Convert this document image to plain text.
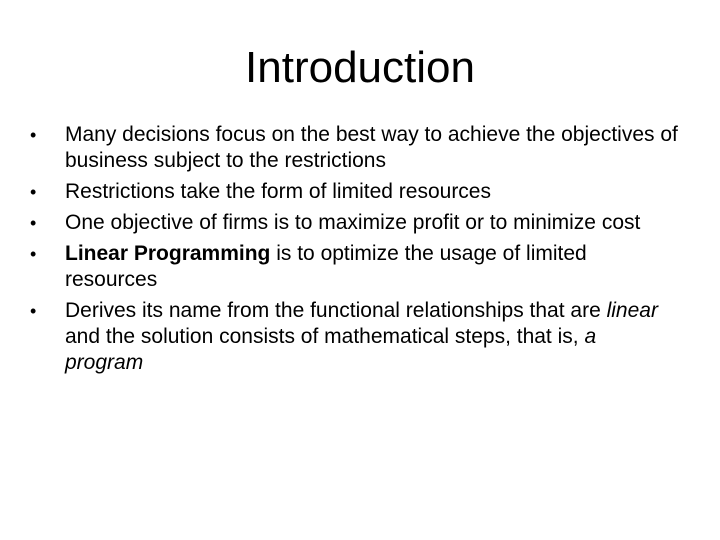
Introduction
•	Many decisions focus on the best way to achieve the objectives of business subject to the restrictions
•	Restrictions take the form of limited resources
•	One objective of firms is to maximize profit or to minimize cost
•	Linear Programming is to optimize the usage of limited resources
•	Derives its name from the functional relationships that are linear and the solution consists of mathematical steps, that is, a program
